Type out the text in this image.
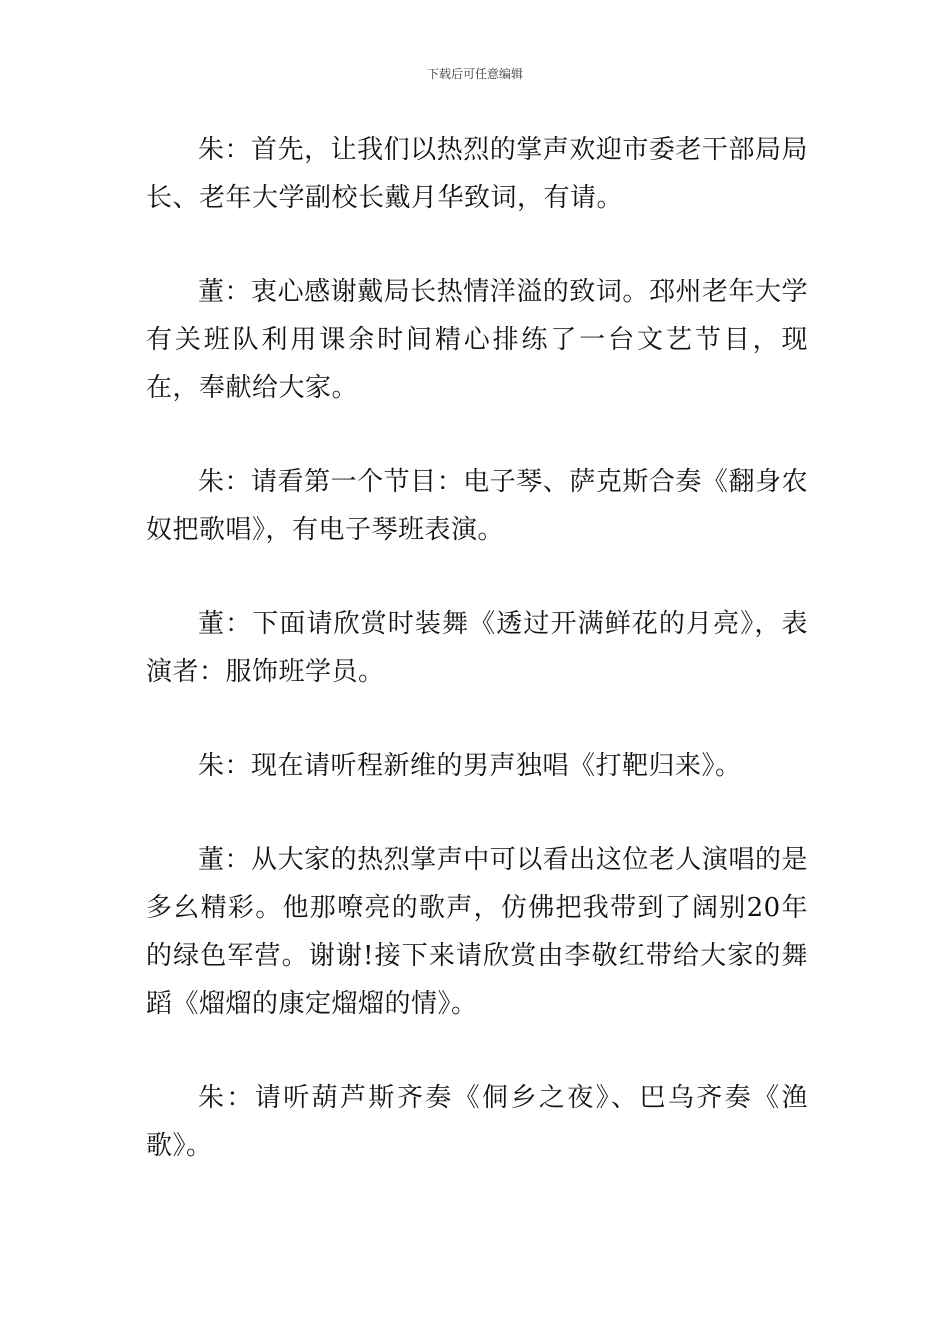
下载后可任意编辑

朱：首先，让我们以热烈的掌声欢迎市委老干部局局长、老年大学副校长戴月华致词，有请。

董：衷心感谢戴局长热情洋溢的致词。邳州老年大学有关班队利用课余时间精心排练了一台文艺节目，现在，奉献给大家。

朱：请看第一个节目：电子琴、萨克斯合奏《翻身农奴把歌唱》，有电子琴班表演。

董：下面请欣赏时装舞《透过开满鲜花的月亮》，表演者：服饰班学员。

朱：现在请听程新维的男声独唱《打靶归来》。

董：从大家的热烈掌声中可以看出这位老人演唱的是多幺精彩。他那嘹亮的歌声，仿佛把我带到了阔别20年的绿色军营。谢谢!接下来请欣赏由李敬红带给大家的舞蹈《熘熘的康定熘熘的情》。

朱：请听葫芦斯齐奏《侗乡之夜》、巴乌齐奏《渔歌》。
